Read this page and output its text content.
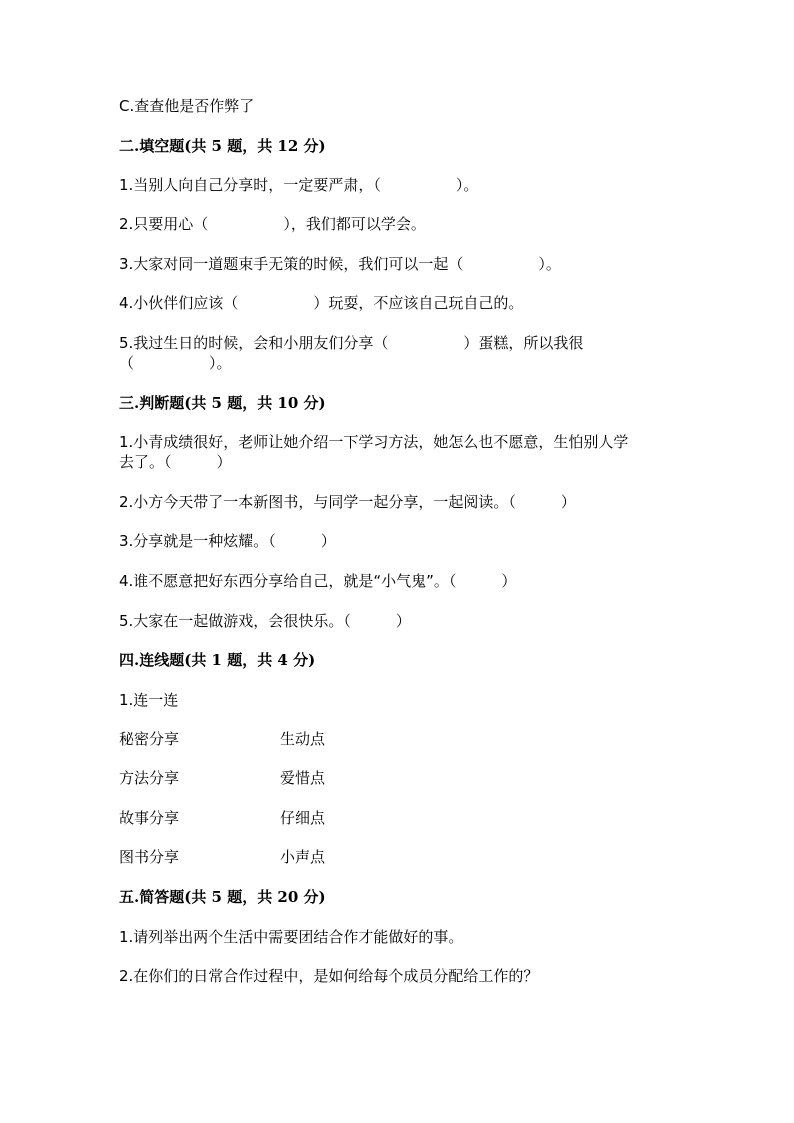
C.查查他是否作弊了
二.填空题(共 5 题，共 12 分)
1.当别人向自己分享时，一定要严肃，（　　　　　）。
2.只要用心（　　　　　），我们都可以学会。
3.大家对同一道题束手无策的时候，我们可以一起（　　　　　）。
4.小伙伴们应该（　　　　　）玩耍，不应该自己玩自己的。
5.我过生日的时候，会和小朋友们分享（　　　　　）蛋糕，所以我很
（　　　　　）。
三.判断题(共 5 题，共 10 分)
1.小青成绩很好，老师让她介绍一下学习方法，她怎么也不愿意，生怕别人学
去了。（　　　）
2.小方今天带了一本新图书，与同学一起分享，一起阅读。（　　　）
3.分享就是一种炫耀。（　　　）
4.谁不愿意把好东西分享给自己，就是“小气鬼”。（　　　）
5.大家在一起做游戏，会很快乐。（　　　）
四.连线题(共 1 题，共 4 分)
1.连一连
秘密分享	生动点
方法分享	爱惜点
故事分享	仔细点
图书分享	小声点
五.简答题(共 5 题，共 20 分)
1.请列举出两个生活中需要团结合作才能做好的事。
2.在你们的日常合作过程中，是如何给每个成员分配给工作的？
